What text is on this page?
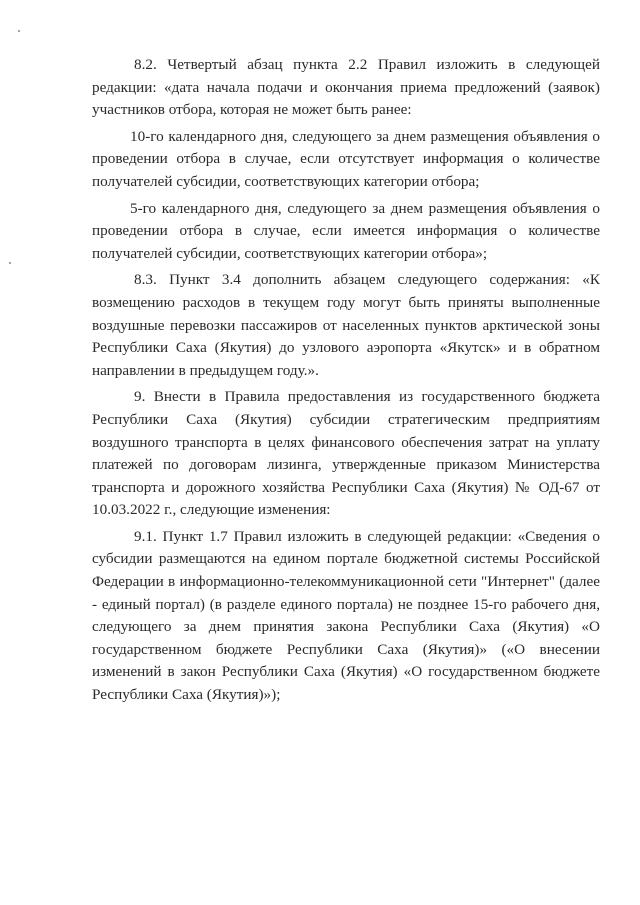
8.2. Четвертый абзац пункта 2.2 Правил изложить в следующей редакции: «дата начала подачи и окончания приема предложений (заявок) участников отбора, которая не может быть ранее:

10-го календарного дня, следующего за днем размещения объявления о проведении отбора в случае, если отсутствует информация о количестве получателей субсидии, соответствующих категории отбора;

5-го календарного дня, следующего за днем размещения объявления о проведении отбора в случае, если имеется информация о количестве получателей субсидии, соответствующих категории отбора»;

8.3. Пункт 3.4 дополнить абзацем следующего содержания: «К возмещению расходов в текущем году могут быть приняты выполненные воздушные перевозки пассажиров от населенных пунктов арктической зоны Республики Саха (Якутия) до узлового аэропорта «Якутск» и в обратном направлении в предыдущем году.».

9. Внести в Правила предоставления из государственного бюджета Республики Саха (Якутия) субсидии стратегическим предприятиям воздушного транспорта в целях финансового обеспечения затрат на уплату платежей по договорам лизинга, утвержденные приказом Министерства транспорта и дорожного хозяйства Республики Саха (Якутия) № ОД-67 от 10.03.2022 г., следующие изменения:

9.1. Пункт 1.7 Правил изложить в следующей редакции: «Сведения о субсидии размещаются на едином портале бюджетной системы Российской Федерации в информационно-телекоммуникационной сети "Интернет" (далее - единый портал) (в разделе единого портала) не позднее 15-го рабочего дня, следующего за днем принятия закона Республики Саха (Якутия) «О государственном бюджете Республики Саха (Якутия)» («О внесении изменений в закон Республики Саха (Якутия) «О государственном бюджете Республики Саха (Якутия)»);
